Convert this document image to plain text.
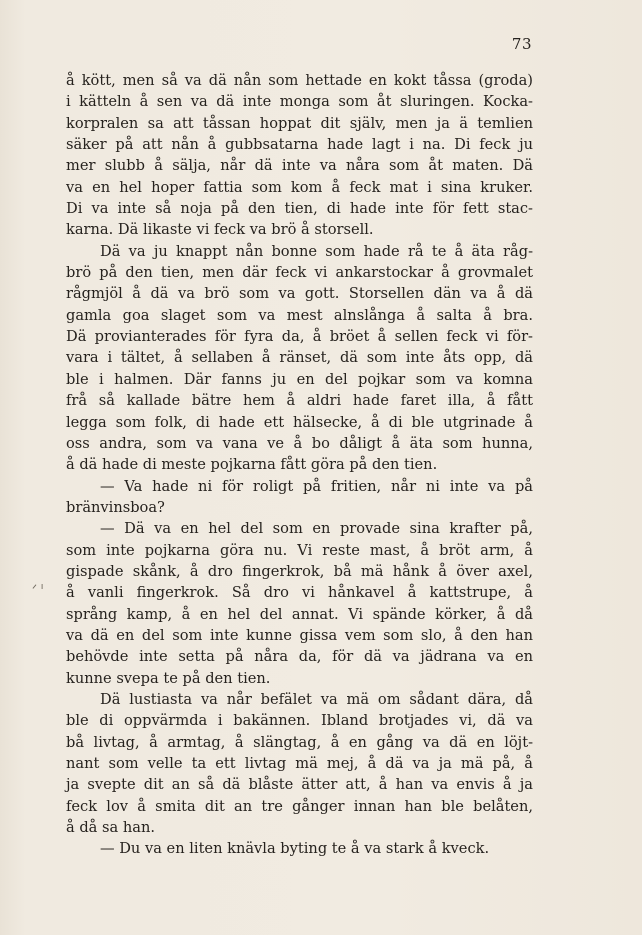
73
ᐟ ᑊ
å kött, men så va dä nån som hettade en kokt tåssa (groda)
i kätteln å sen va dä inte monga som åt sluringen. Kocka-
korpralen sa att tåssan hoppat dit själv, men ja ä temlien
säker på att nån å gubbsatarna hade lagt i na. Di feck ju
mer slubb å sälja, når dä inte va nåra som åt maten. Dä
va en hel hoper fattia som kom å feck mat i sina kruker.
Di va inte så noja på den tien, di hade inte för fett stac-
karna. Dä likaste vi feck va brö å storsell.
Dä va ju knappt nån bonne som hade rå te å äta råg-
brö på den tien, men där feck vi ankarstockar å grovmalet
rågmjöl å dä va brö som va gott. Storsellen dän va å dä
gamla goa slaget som va mest alnslånga å salta å bra.
Dä provianterades för fyra da, å bröet å sellen feck vi för-
vara i tältet, å sellaben å ränset, dä som inte åts opp, dä
ble i halmen. Där fanns ju en del pojkar som va komna
frå så kallade bätre hem å aldri hade faret illa, å fått
legga som folk, di hade ett hälsecke, å di ble utgrinade å
oss andra, som va vana ve å bo dåligt å äta som hunna,
å dä hade di meste pojkarna fått göra på den tien.
— Va hade ni för roligt på fritien, når ni inte va på
bränvinsboa?
— Dä va en hel del som en provade sina krafter på,
som inte pojkarna göra nu. Vi reste mast, å bröt arm, å
gispade skånk, å dro fingerkrok, bå mä hånk å över axel,
å vanli fingerkrok. Så dro vi hånkavel å kattstrupe, å
språng kamp, å en hel del annat. Vi spände körker, å då
va dä en del som inte kunne gissa vem som slo, å den han
behövde inte setta på nåra da, för dä va jädrana va en
kunne svepa te på den tien.
Dä lustiasta va når befälet va mä om sådant dära, då
ble di oppvärmda i bakännen. Ibland brotjades vi, dä va
bå livtag, å armtag, å slängtag, å en gång va dä en löjt-
nant som velle ta ett livtag mä mej, å dä va ja mä på, å
ja svepte dit an så dä blåste ätter att, å han va envis å ja
feck lov å smita dit an tre gånger innan han ble belåten,
å då sa han.
— Du va en liten knävla byting te å va stark å kveck.
